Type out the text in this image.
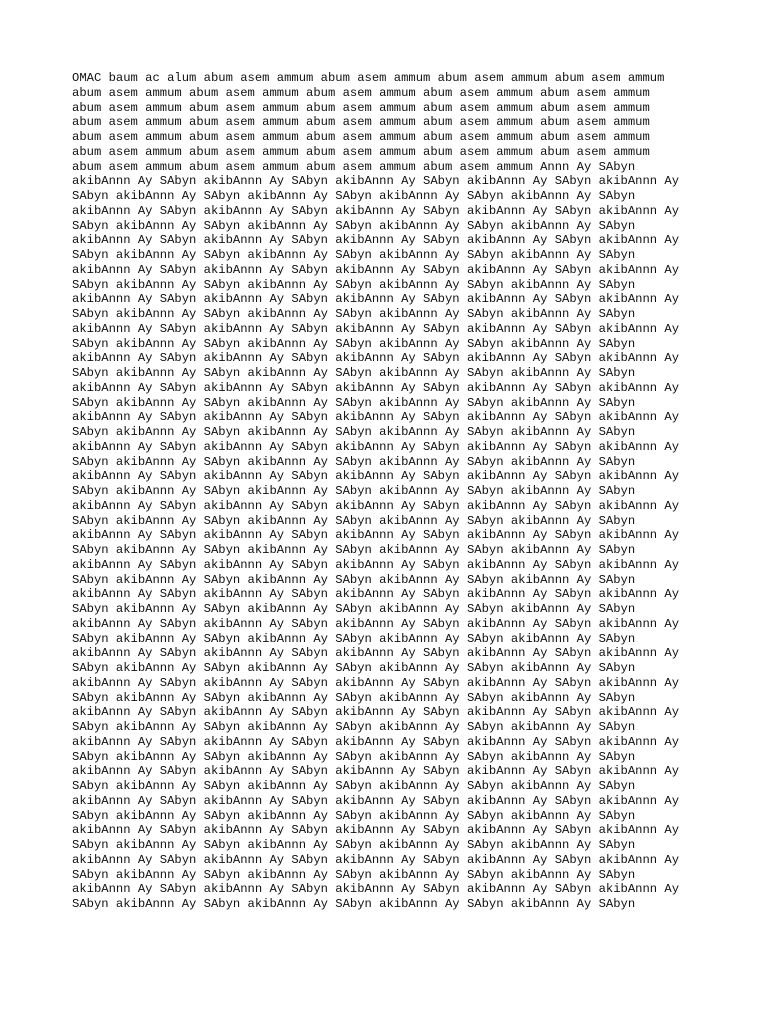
OMAC baum ac alum abum asem ammum abum asem ammum abum asem ammum abum asem ammum
abum asem ammum abum asem ammum abum asem ammum abum asem ammum abum asem ammum
abum asem ammum abum asem ammum abum asem ammum abum asem ammum abum asem ammum
abum asem ammum abum asem ammum abum asem ammum abum asem ammum abum asem ammum
abum asem ammum abum asem ammum abum asem ammum abum asem ammum abum asem ammum
abum asem ammum abum asem ammum abum asem ammum abum asem ammum abum asem ammum
abum asem ammum abum asem ammum abum asem ammum abum asem ammum Annn Ay SAbyn
akibAnnn Ay SAbyn akibAnnn Ay SAbyn akibAnnn Ay SAbyn akibAnnn Ay SAbyn akibAnnn Ay
SAbyn akibAnnn Ay SAbyn akibAnnn Ay SAbyn akibAnnn Ay SAbyn akibAnnn Ay SAbyn
akibAnnn Ay SAbyn akibAnnn Ay SAbyn akibAnnn Ay SAbyn akibAnnn Ay SAbyn akibAnnn Ay
SAbyn akibAnnn Ay SAbyn akibAnnn Ay SAbyn akibAnnn Ay SAbyn akibAnnn Ay SAbyn
akibAnnn Ay SAbyn akibAnnn Ay SAbyn akibAnnn Ay SAbyn akibAnnn Ay SAbyn akibAnnn Ay
SAbyn akibAnnn Ay SAbyn akibAnnn Ay SAbyn akibAnnn Ay SAbyn akibAnnn Ay SAbyn
akibAnnn Ay SAbyn akibAnnn Ay SAbyn akibAnnn Ay SAbyn akibAnnn Ay SAbyn akibAnnn Ay
SAbyn akibAnnn Ay SAbyn akibAnnn Ay SAbyn akibAnnn Ay SAbyn akibAnnn Ay SAbyn
akibAnnn Ay SAbyn akibAnnn Ay SAbyn akibAnnn Ay SAbyn akibAnnn Ay SAbyn akibAnnn Ay
SAbyn akibAnnn Ay SAbyn akibAnnn Ay SAbyn akibAnnn Ay SAbyn akibAnnn Ay SAbyn
akibAnnn Ay SAbyn akibAnnn Ay SAbyn akibAnnn Ay SAbyn akibAnnn Ay SAbyn akibAnnn Ay
SAbyn akibAnnn Ay SAbyn akibAnnn Ay SAbyn akibAnnn Ay SAbyn akibAnnn Ay SAbyn
akibAnnn Ay SAbyn akibAnnn Ay SAbyn akibAnnn Ay SAbyn akibAnnn Ay SAbyn akibAnnn Ay
SAbyn akibAnnn Ay SAbyn akibAnnn Ay SAbyn akibAnnn Ay SAbyn akibAnnn Ay SAbyn
akibAnnn Ay SAbyn akibAnnn Ay SAbyn akibAnnn Ay SAbyn akibAnnn Ay SAbyn akibAnnn Ay
SAbyn akibAnnn Ay SAbyn akibAnnn Ay SAbyn akibAnnn Ay SAbyn akibAnnn Ay SAbyn
akibAnnn Ay SAbyn akibAnnn Ay SAbyn akibAnnn Ay SAbyn akibAnnn Ay SAbyn akibAnnn Ay
SAbyn akibAnnn Ay SAbyn akibAnnn Ay SAbyn akibAnnn Ay SAbyn akibAnnn Ay SAbyn
akibAnnn Ay SAbyn akibAnnn Ay SAbyn akibAnnn Ay SAbyn akibAnnn Ay SAbyn akibAnnn Ay
SAbyn akibAnnn Ay SAbyn akibAnnn Ay SAbyn akibAnnn Ay SAbyn akibAnnn Ay SAbyn
akibAnnn Ay SAbyn akibAnnn Ay SAbyn akibAnnn Ay SAbyn akibAnnn Ay SAbyn akibAnnn Ay
SAbyn akibAnnn Ay SAbyn akibAnnn Ay SAbyn akibAnnn Ay SAbyn akibAnnn Ay SAbyn
akibAnnn Ay SAbyn akibAnnn Ay SAbyn akibAnnn Ay SAbyn akibAnnn Ay SAbyn akibAnnn Ay
SAbyn akibAnnn Ay SAbyn akibAnnn Ay SAbyn akibAnnn Ay SAbyn akibAnnn Ay SAbyn
akibAnnn Ay SAbyn akibAnnn Ay SAbyn akibAnnn Ay SAbyn akibAnnn Ay SAbyn akibAnnn Ay
SAbyn akibAnnn Ay SAbyn akibAnnn Ay SAbyn akibAnnn Ay SAbyn akibAnnn Ay SAbyn
akibAnnn Ay SAbyn akibAnnn Ay SAbyn akibAnnn Ay SAbyn akibAnnn Ay SAbyn akibAnnn Ay
SAbyn akibAnnn Ay SAbyn akibAnnn Ay SAbyn akibAnnn Ay SAbyn akibAnnn Ay SAbyn
akibAnnn Ay SAbyn akibAnnn Ay SAbyn akibAnnn Ay SAbyn akibAnnn Ay SAbyn akibAnnn Ay
SAbyn akibAnnn Ay SAbyn akibAnnn Ay SAbyn akibAnnn Ay SAbyn akibAnnn Ay SAbyn
akibAnnn Ay SAbyn akibAnnn Ay SAbyn akibAnnn Ay SAbyn akibAnnn Ay SAbyn akibAnnn Ay
SAbyn akibAnnn Ay SAbyn akibAnnn Ay SAbyn akibAnnn Ay SAbyn akibAnnn Ay SAbyn
akibAnnn Ay SAbyn akibAnnn Ay SAbyn akibAnnn Ay SAbyn akibAnnn Ay SAbyn akibAnnn Ay
SAbyn akibAnnn Ay SAbyn akibAnnn Ay SAbyn akibAnnn Ay SAbyn akibAnnn Ay SAbyn
akibAnnn Ay SAbyn akibAnnn Ay SAbyn akibAnnn Ay SAbyn akibAnnn Ay SAbyn akibAnnn Ay
SAbyn akibAnnn Ay SAbyn akibAnnn Ay SAbyn akibAnnn Ay SAbyn akibAnnn Ay SAbyn
akibAnnn Ay SAbyn akibAnnn Ay SAbyn akibAnnn Ay SAbyn akibAnnn Ay SAbyn akibAnnn Ay
SAbyn akibAnnn Ay SAbyn akibAnnn Ay SAbyn akibAnnn Ay SAbyn akibAnnn Ay SAbyn
akibAnnn Ay SAbyn akibAnnn Ay SAbyn akibAnnn Ay SAbyn akibAnnn Ay SAbyn akibAnnn Ay
SAbyn akibAnnn Ay SAbyn akibAnnn Ay SAbyn akibAnnn Ay SAbyn akibAnnn Ay SAbyn
akibAnnn Ay SAbyn akibAnnn Ay SAbyn akibAnnn Ay SAbyn akibAnnn Ay SAbyn akibAnnn Ay
SAbyn akibAnnn Ay SAbyn akibAnnn Ay SAbyn akibAnnn Ay SAbyn akibAnnn Ay SAbyn
akibAnnn Ay SAbyn akibAnnn Ay SAbyn akibAnnn Ay SAbyn akibAnnn Ay SAbyn akibAnnn Ay
SAbyn akibAnnn Ay SAbyn akibAnnn Ay SAbyn akibAnnn Ay SAbyn akibAnnn Ay SAbyn
akibAnnn Ay SAbyn akibAnnn Ay SAbyn akibAnnn Ay SAbyn akibAnnn Ay SAbyn akibAnnn Ay
SAbyn akibAnnn Ay SAbyn akibAnnn Ay SAbyn akibAnnn Ay SAbyn akibAnnn Ay SAbyn
akibAnnn Ay SAbyn akibAnnn Ay SAbyn akibAnnn Ay SAbyn akibAnnn Ay SAbyn akibAnnn Ay
SAbyn akibAnnn Ay SAbyn akibAnnn Ay SAbyn akibAnnn Ay SAbyn akibAnnn Ay SAbyn
akibAnnn Ay SAbyn akibAnnn Ay SAbyn akibAnnn Ay SAbyn akibAnnn Ay SAbyn akibAnnn Ay
SAbyn akibAnnn Ay SAbyn akibAnnn Ay SAbyn akibAnnn Ay SAbyn akibAnnn Ay SAbyn
